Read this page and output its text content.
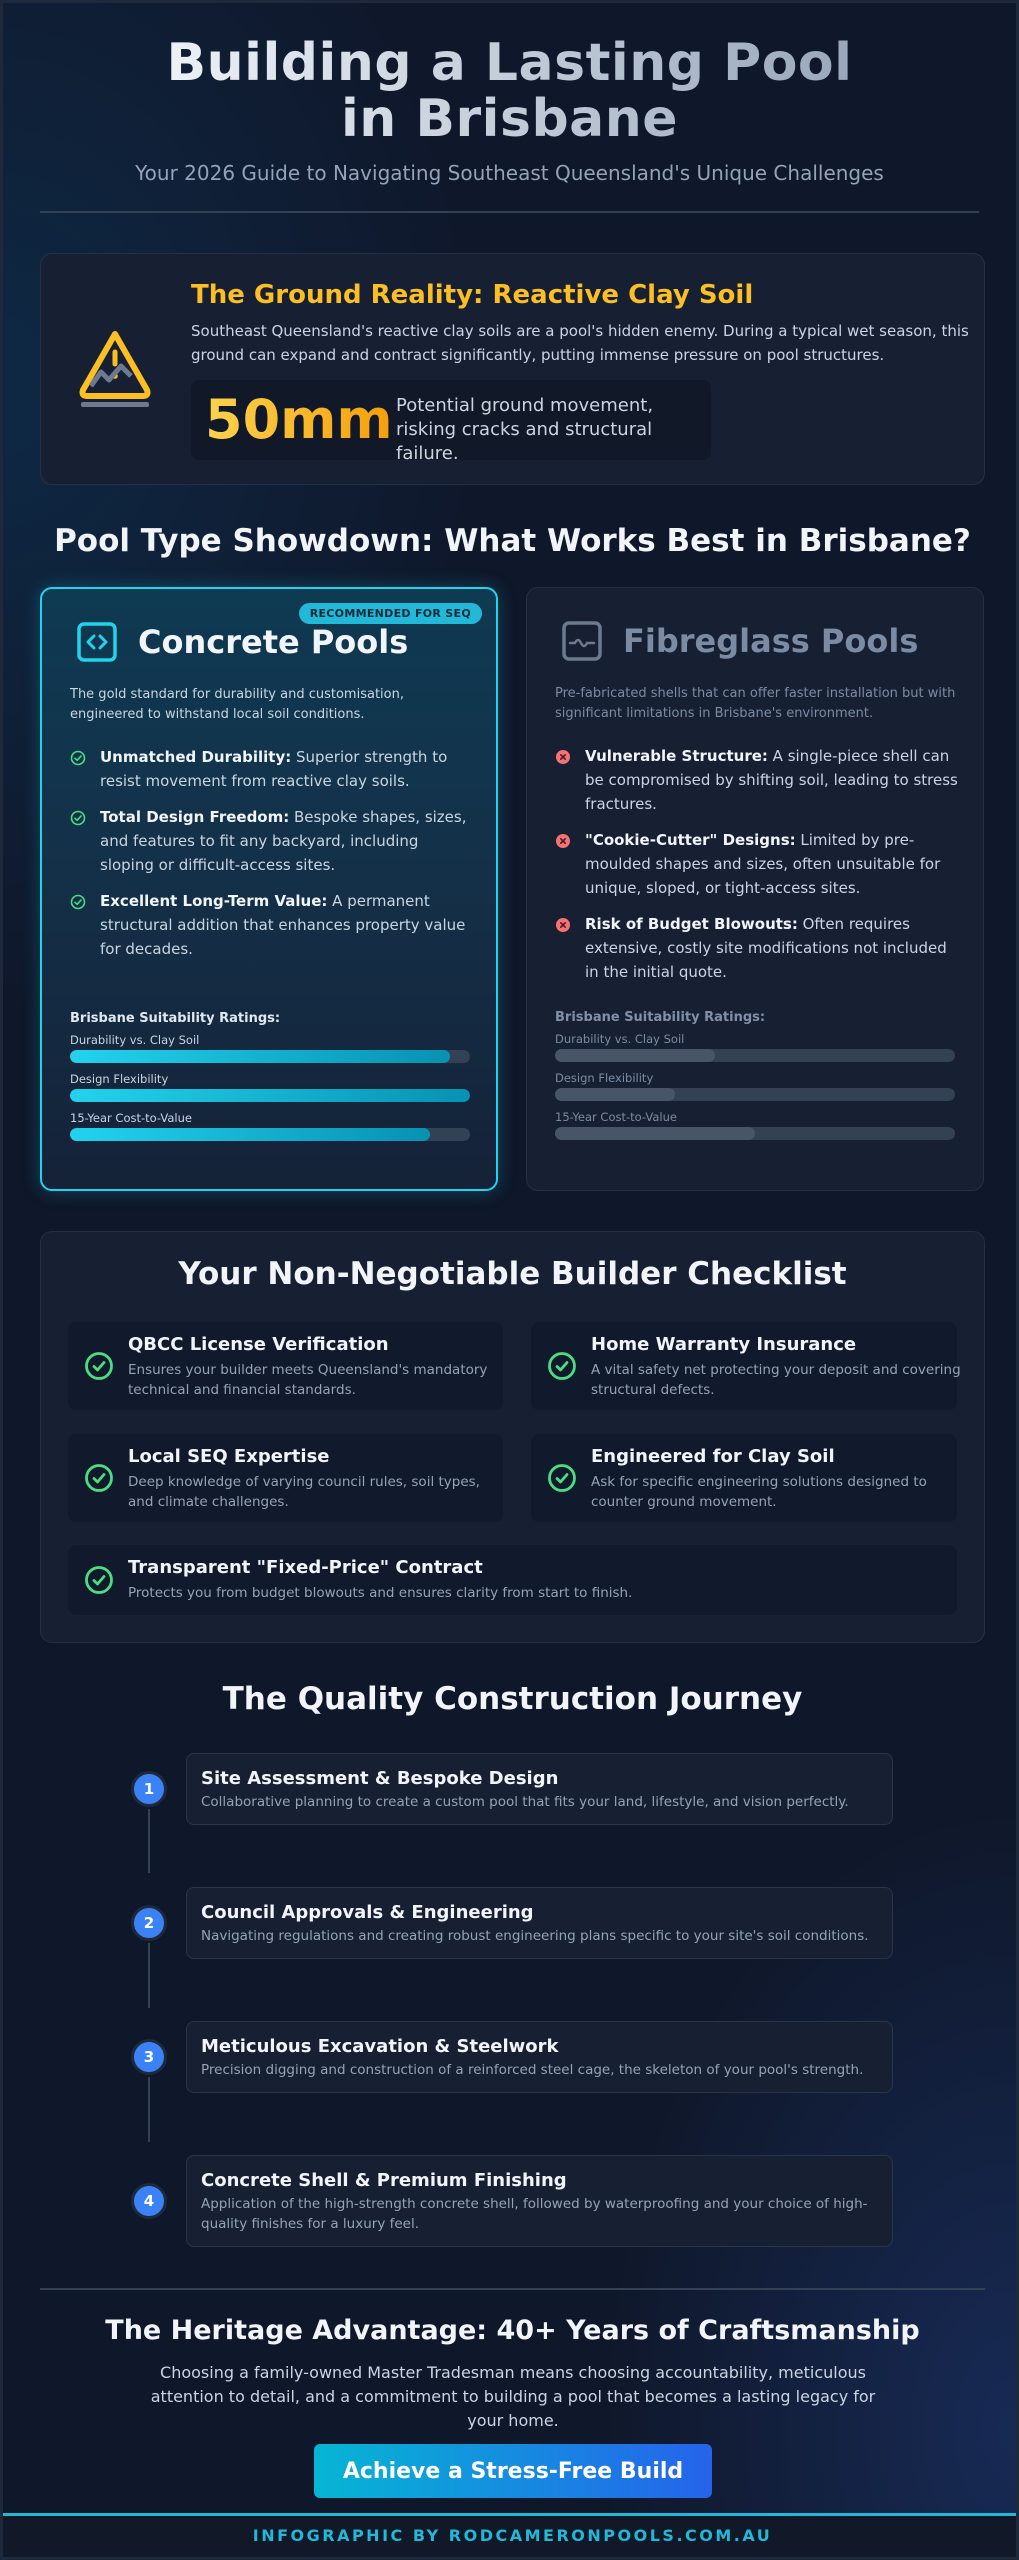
Building a Lasting Pool in Brisbane
Your 2026 Guide to Navigating Southeast Queensland's Unique Challenges
The Ground Reality: Reactive Clay Soil
Southeast Queensland's reactive clay soils are a pool's hidden enemy. During a typical wet season, this ground can expand and contract significantly, putting immense pressure on pool structures.
50mm Potential ground movement, risking cracks and structural failure.
Pool Type Showdown: What Works Best in Brisbane?
RECOMMENDED FOR SEQ
Concrete Pools
The gold standard for durability and customisation, engineered to withstand local soil conditions.
Unmatched Durability: Superior strength to resist movement from reactive clay soils.
Total Design Freedom: Bespoke shapes, sizes, and features to fit any backyard, including sloping or difficult-access sites.
Excellent Long-Term Value: A permanent structural addition that enhances property value for decades.
Brisbane Suitability Ratings:
Durability vs. Clay Soil
Design Flexibility
15-Year Cost-to-Value
Fibreglass Pools
Pre-fabricated shells that can offer faster installation but with significant limitations in Brisbane's environment.
Vulnerable Structure: A single-piece shell can be compromised by shifting soil, leading to stress fractures.
"Cookie-Cutter" Designs: Limited by pre-moulded shapes and sizes, often unsuitable for unique, sloped, or tight-access sites.
Risk of Budget Blowouts: Often requires extensive, costly site modifications not included in the initial quote.
Brisbane Suitability Ratings:
Durability vs. Clay Soil
Design Flexibility
15-Year Cost-to-Value
Your Non-Negotiable Builder Checklist
QBCC License Verification
Ensures your builder meets Queensland's mandatory technical and financial standards.
Home Warranty Insurance
A vital safety net protecting your deposit and covering structural defects.
Local SEQ Expertise
Deep knowledge of varying council rules, soil types, and climate challenges.
Engineered for Clay Soil
Ask for specific engineering solutions designed to counter ground movement.
Transparent "Fixed-Price" Contract
Protects you from budget blowouts and ensures clarity from start to finish.
The Quality Construction Journey
1	Site Assessment & Bespoke Design
Collaborative planning to create a custom pool that fits your land, lifestyle, and vision perfectly.
2	Council Approvals & Engineering
Navigating regulations and creating robust engineering plans specific to your site's soil conditions.
3	Meticulous Excavation & Steelwork
Precision digging and construction of a reinforced steel cage, the skeleton of your pool's strength.
4
Concrete Shell & Premium Finishing
Application of the high-strength concrete shell, followed by waterproofing and your choice of high-quality finishes for a luxury feel.
The Heritage Advantage: 40+ Years of Craftsmanship
Choosing a family-owned Master Tradesman means choosing accountability, meticulous attention to detail, and a commitment to building a pool that becomes a lasting legacy for your home.
Achieve a Stress-Free Build
INFOGRAPHIC BY RODCAMERONPOOLS.COM.AU
